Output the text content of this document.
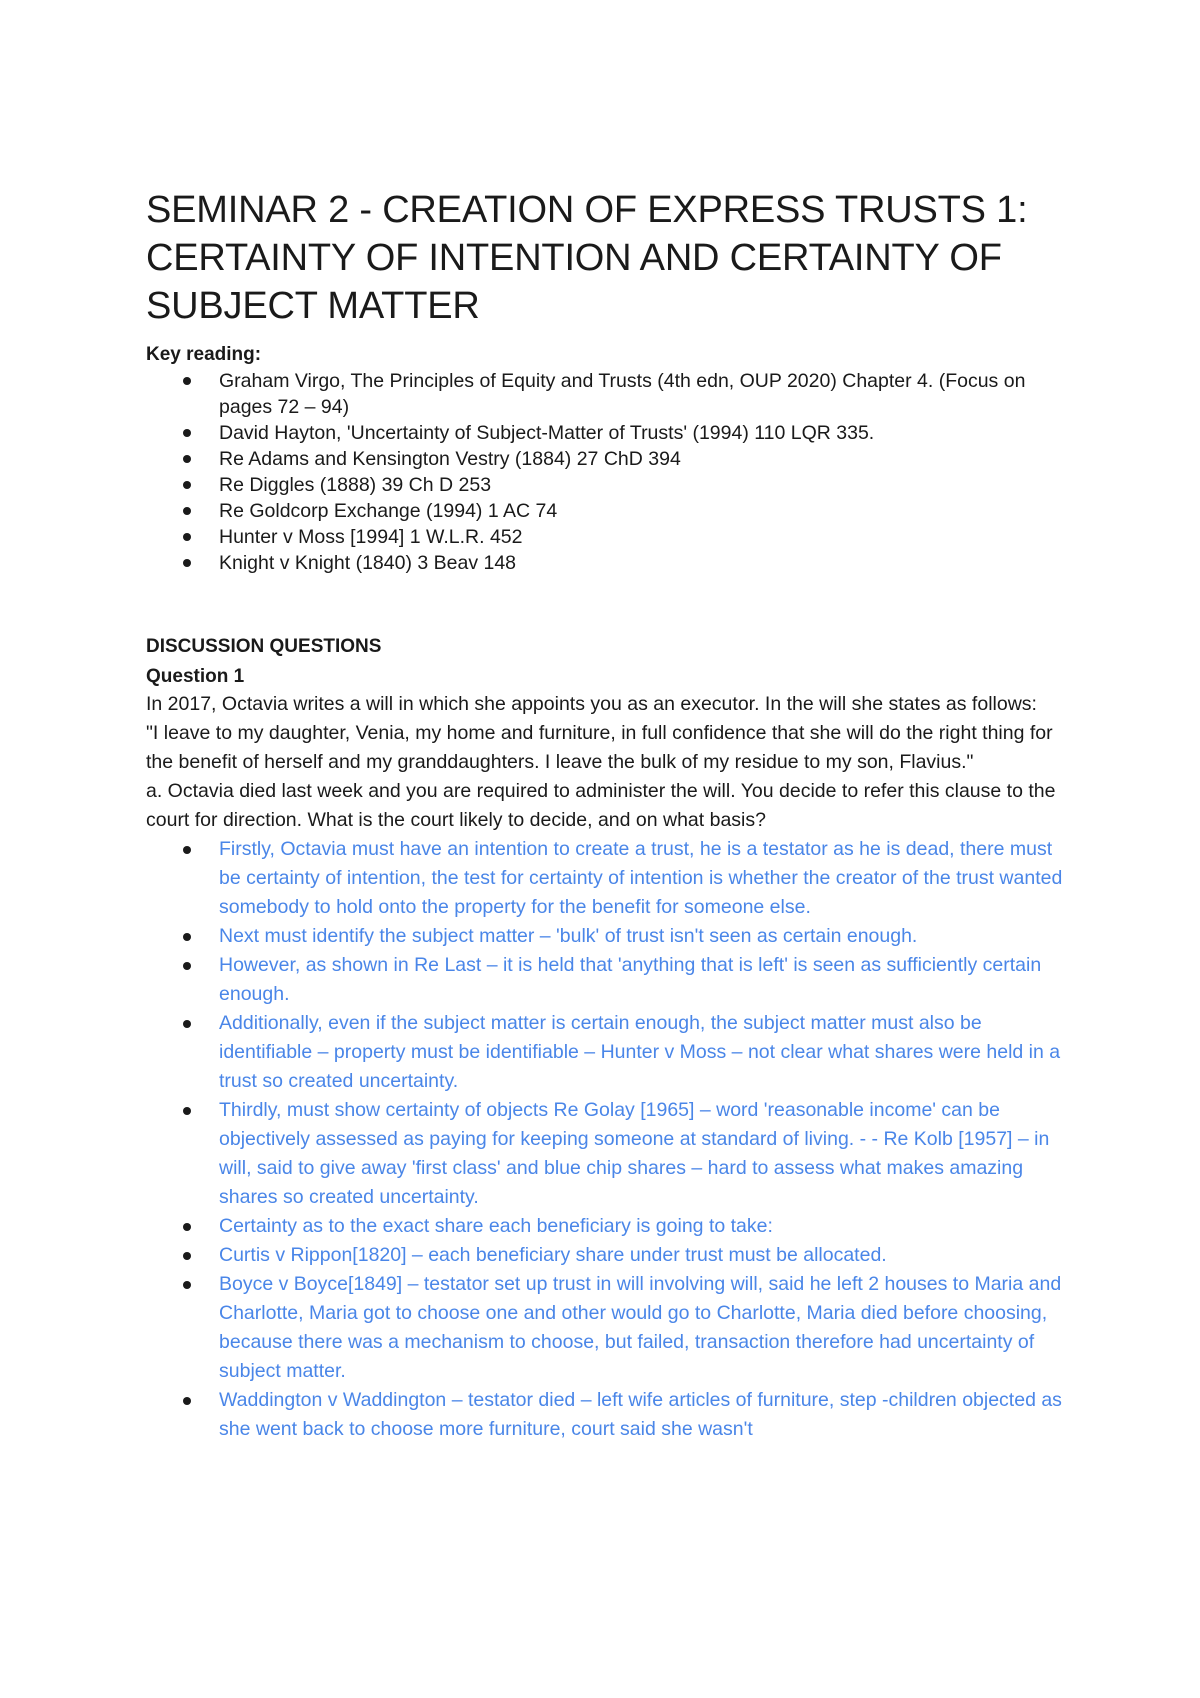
SEMINAR 2 - CREATION OF EXPRESS TRUSTS 1: CERTAINTY OF INTENTION AND CERTAINTY OF SUBJECT MATTER

Key reading:

Graham Virgo, The Principles of Equity and Trusts (4th edn, OUP 2020) Chapter 4. (Focus on pages 72 – 94)
David Hayton, 'Uncertainty of Subject-Matter of Trusts' (1994) 110 LQR 335.
Re Adams and Kensington Vestry (1884) 27 ChD 394
Re Diggles (1888) 39 Ch D 253
Re Goldcorp Exchange (1994) 1 AC 74
Hunter v Moss [1994] 1 W.L.R. 452
Knight v Knight (1840) 3 Beav 148

DISCUSSION QUESTIONS

Question 1

In 2017, Octavia writes a will in which she appoints you as an executor. In the will she states as follows:

"I leave to my daughter, Venia, my home and furniture, in full confidence that she will do the right thing for the benefit of herself and my granddaughters. I leave the bulk of my residue to my son, Flavius."

a. Octavia died last week and you are required to administer the will. You decide to refer this clause to the court for direction. What is the court likely to decide, and on what basis?

Firstly, Octavia must have an intention to create a trust, he is a testator as he is dead, there must be certainty of intention, the test for certainty of intention is whether the creator of the trust wanted somebody to hold onto the property for the benefit for someone else.
Next must identify the subject matter – 'bulk' of trust isn't seen as certain enough.
However, as shown in Re Last – it is held that 'anything that is left' is seen as sufficiently certain enough.
Additionally, even if the subject matter is certain enough, the subject matter must also be identifiable – property must be identifiable – Hunter v Moss – not clear what shares were held in a trust so created uncertainty.
Thirdly, must show certainty of objects Re Golay [1965] – word 'reasonable income' can be objectively assessed as paying for keeping someone at standard of living. - - Re Kolb [1957] – in will, said to give away 'first class' and blue chip shares – hard to assess what makes amazing shares so created uncertainty.
Certainty as to the exact share each beneficiary is going to take:
Curtis v Rippon[1820] – each beneficiary share under trust must be allocated.
Boyce v Boyce[1849] – testator set up trust in will involving will, said he left 2 houses to Maria and Charlotte, Maria got to choose one and other would go to Charlotte, Maria died before choosing, because there was a mechanism to choose, but failed, transaction therefore had uncertainty of subject matter.
Waddington v Waddington – testator died – left wife articles of furniture, step -children objected as she went back to choose more furniture, court said she wasn't
